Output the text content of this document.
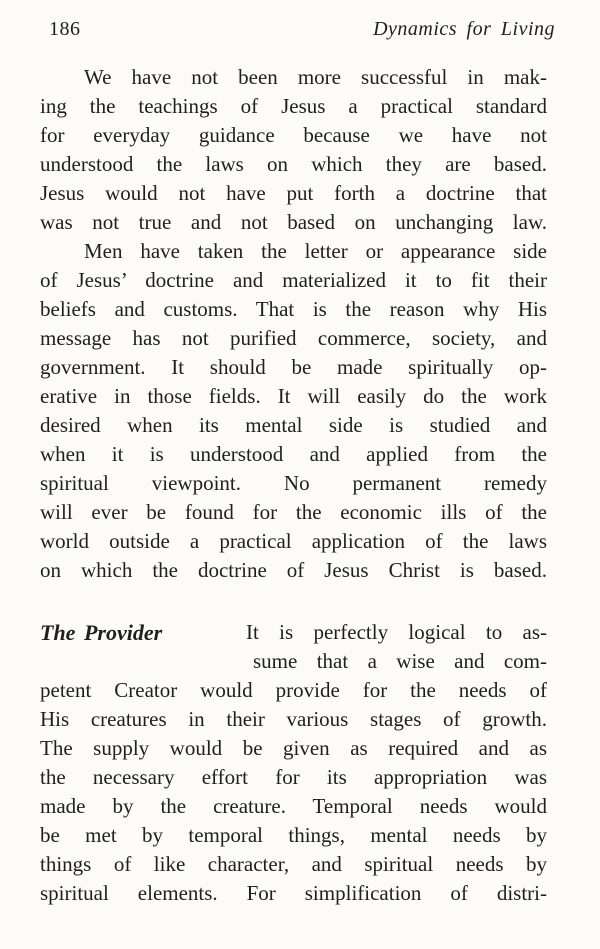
186	Dynamics for Living
We have not been more successful in mak-
ing the teachings of Jesus a practical standard
for everyday guidance because we have not
understood the laws on which they are based.
Jesus would not have put forth a doctrine that
was not true and not based on unchanging law.
Men have taken the letter or appearance side
of Jesus’ doctrine and materialized it to fit their
beliefs and customs. That is the reason why His
message has not purified commerce, society, and
government. It should be made spiritually op-
erative in those fields. It will easily do the work
desired when its mental side is studied and
when it is understood and applied from the
spiritual viewpoint. No permanent remedy
will ever be found for the economic ills of the
world outside a practical application of the laws
on which the doctrine of Jesus Christ is based.
The Provider	It is perfectly logical to as-
sume that a wise and com-
petent Creator would provide for the needs of
His creatures in their various stages of growth.
The supply would be given as required and as
the necessary effort for its appropriation was
made by the creature. Temporal needs would
be met by temporal things, mental needs by
things of like character, and spiritual needs by
spiritual elements. For simplification of distri-
